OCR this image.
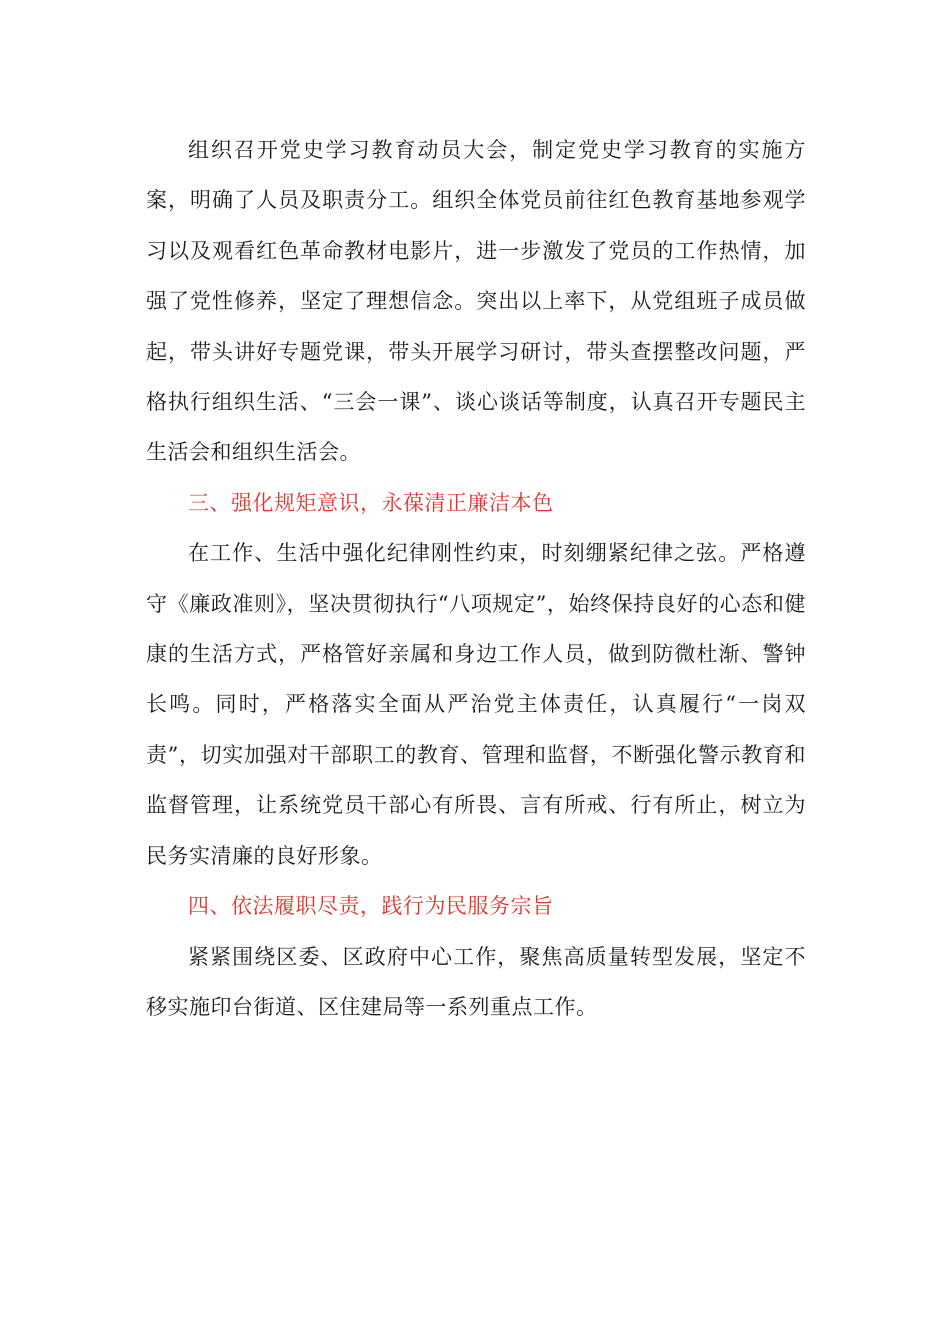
组织召开党史学习教育动员大会，制定党史学习教育的实施方案，明确了人员及职责分工。组织全体党员前往红色教育基地参观学习以及观看红色革命教材电影片，进一步激发了党员的工作热情，加强了党性修养，坚定了理想信念。突出以上率下，从党组班子成员做起，带头讲好专题党课，带头开展学习研讨，带头查摆整改问题，严格执行组织生活、“三会一课”、谈心谈话等制度，认真召开专题民主生活会和组织生活会。

三、强化规矩意识，永葆清正廉洁本色

在工作、生活中强化纪律刚性约束，时刻绷紧纪律之弦。严格遵守《廉政准则》，坚决贯彻执行“八项规定”，始终保持良好的心态和健康的生活方式，严格管好亲属和身边工作人员，做到防微杜渐、警钟长鸣。同时，严格落实全面从严治党主体责任，认真履行“一岗双责”，切实加强对干部职工的教育、管理和监督，不断强化警示教育和监督管理，让系统党员干部心有所畏、言有所戒、行有所止，树立为民务实清廉的良好形象。

四、依法履职尽责，践行为民服务宗旨

紧紧围绕区委、区政府中心工作，聚焦高质量转型发展，坚定不移实施印台街道、区住建局等一系列重点工作。
